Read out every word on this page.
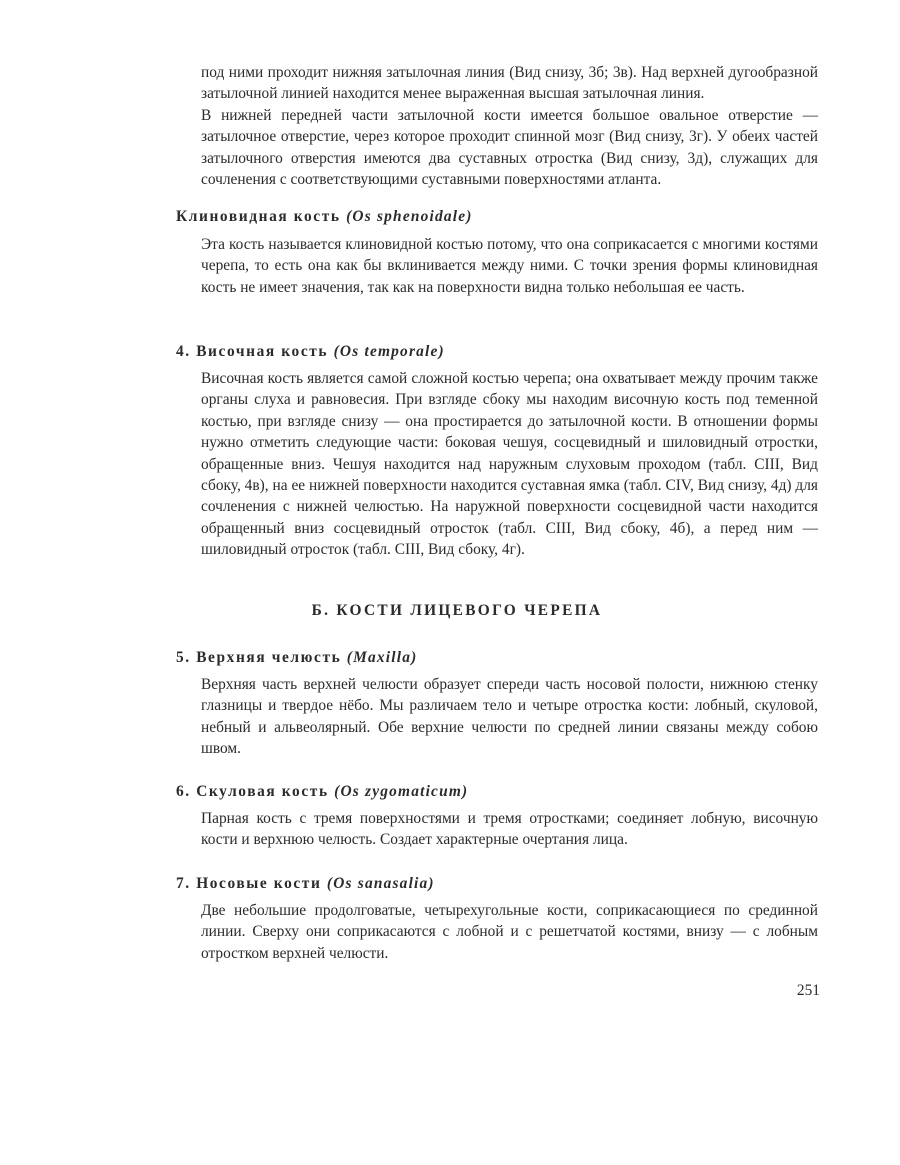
под ними проходит нижняя затылочная линия (Вид снизу, 3б; 3в). Над верхней дугообразной затылочной линией находится менее выраженная высшая затылочная линия.

В нижней передней части затылочной кости имеется большое овальное отверстие — затылочное отверстие, через которое проходит спинной мозг (Вид снизу, 3г). У обеих частей затылочного отверстия имеются два суставных отростка (Вид снизу, 3д), служащих для сочленения с соответствующими суставными поверхностями атланта.

Клиновидная кость (Os sphenoidale)

Эта кость называется клиновидной костью потому, что она соприкасается с многими костями черепа, то есть она как бы вклинивается между ними. С точки зрения формы клиновидная кость не имеет значения, так как на поверхности видна только небольшая ее часть.

4. Височная кость (Os temporale)

Височная кость является самой сложной костью черепа; она охватывает между прочим также органы слуха и равновесия. При взгляде сбоку мы находим височную кость под теменной костью, при взгляде снизу — она простирается до затылочной кости. В отношении формы нужно отметить следующие части: боковая чешуя, сосцевидный и шиловидный отростки, обращенные вниз. Чешуя находится над наружным слуховым проходом (табл. CIII, Вид сбоку, 4в), на ее нижней поверхности находится суставная ямка (табл. CIV, Вид снизу, 4д) для сочленения с нижней челюстью. На наружной поверхности сосцевидной части находится обращенный вниз сосцевидный отросток (табл. CIII, Вид сбоку, 4б), а перед ним — шиловидный отросток (табл. CIII, Вид сбоку, 4г).

Б. КОСТИ ЛИЦЕВОГО ЧЕРЕПА
5. Верхняя челюсть (Maxilla)

Верхняя часть верхней челюсти образует спереди часть носовой полости, нижнюю стенку глазницы и твердое нёбо. Мы различаем тело и четыре отростка кости: лобный, скуловой, небный и альвеолярный. Обе верхние челюсти по средней линии связаны между собою швом.

6. Скуловая кость (Os zygomaticum)

Парная кость с тремя поверхностями и тремя отростками; соединяет лобную, височную кости и верхнюю челюсть. Создает характерные очертания лица.

7. Носовые кости (Os sanasalia)

Две небольшие продолговатые, четырехугольные кости, соприкасающиеся по срединной линии. Сверху они соприкасаются с лобной и с решетчатой костями, внизу — с лобным отростком верхней челюсти.

251
